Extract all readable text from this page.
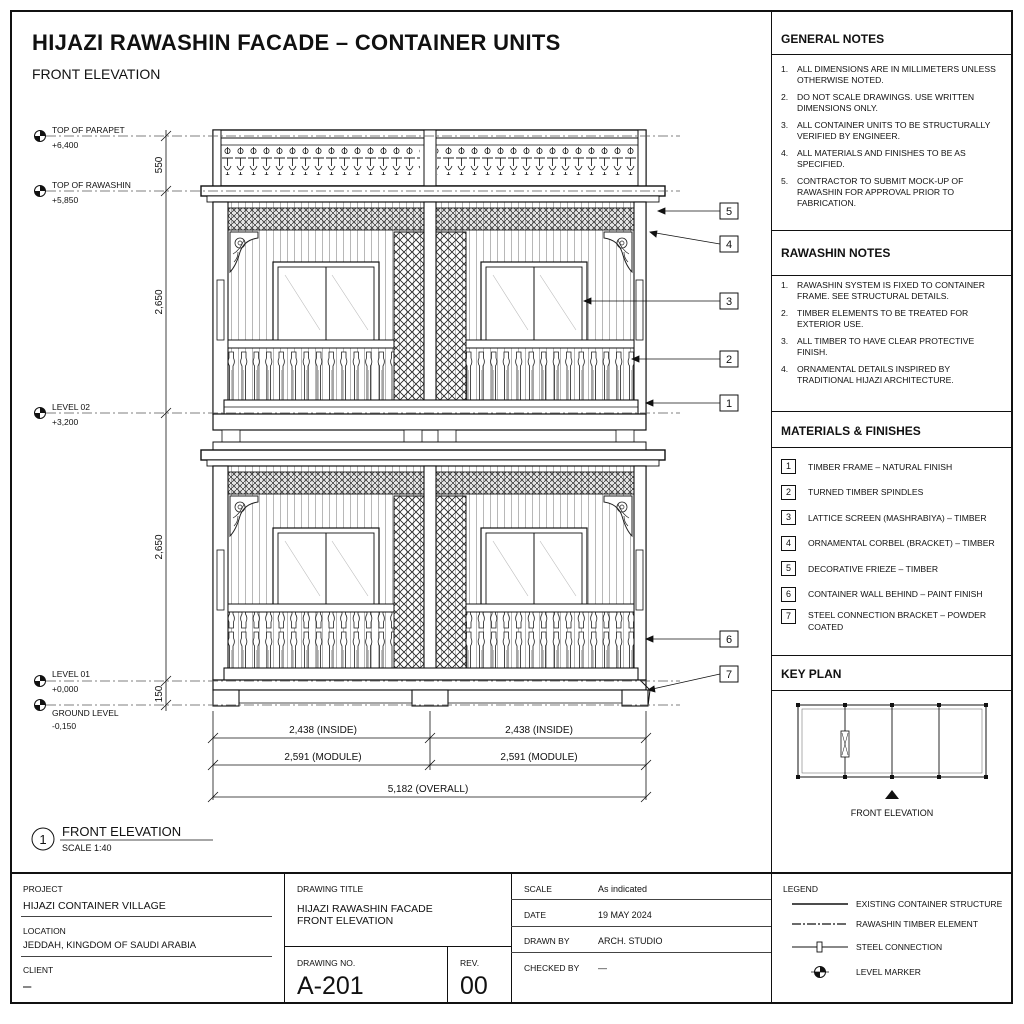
HIJAZI RAWASHIN FACADE – CONTAINER UNITS
FRONT ELEVATION
TOP OF PARAPET
+6,400
TOP OF RAWASHIN
+5,850
LEVEL 02
+3,200
LEVEL 01
+0,000
GROUND LEVEL
-0,150
550
2,650
2,650
150
2,438 (INSIDE)	2,438 (INSIDE)
2,591 (MODULE)	2,591 (MODULE)
5,182 (OVERALL)
5
4
3
2
1
6
7
1
FRONT ELEVATION
SCALE 1:40
GENERAL NOTES
1.	ALL DIMENSIONS ARE IN MILLIMETERS UNLESS OTHERWISE NOTED.
2.	DO NOT SCALE DRAWINGS. USE WRITTEN DIMENSIONS ONLY.
3.	ALL CONTAINER UNITS TO BE STRUCTURALLY VERIFIED BY ENGINEER.
4.	ALL MATERIALS AND FINISHES TO BE AS SPECIFIED.
5.	CONTRACTOR TO SUBMIT MOCK-UP OF RAWASHIN FOR APPROVAL PRIOR TO FABRICATION.
RAWASHIN NOTES
1.	RAWASHIN SYSTEM IS FIXED TO CONTAINER FRAME. SEE STRUCTURAL DETAILS.
2.	TIMBER ELEMENTS TO BE TREATED FOR EXTERIOR USE.
3.	ALL TIMBER TO HAVE CLEAR PROTECTIVE FINISH.
4.	ORNAMENTAL DETAILS INSPIRED BY TRADITIONAL HIJAZI ARCHITECTURE.
MATERIALS & FINISHES
1	TIMBER FRAME – NATURAL FINISH
2	TURNED TIMBER SPINDLES
3	LATTICE SCREEN (MASHRABIYA) – TIMBER
4	ORNAMENTAL CORBEL (BRACKET) – TIMBER
5	DECORATIVE FRIEZE – TIMBER
6	CONTAINER WALL BEHIND – PAINT FINISH
7	STEEL CONNECTION BRACKET – POWDER COATED
KEY PLAN
FRONT ELEVATION
PROJECT
HIJAZI CONTAINER VILLAGE
LOCATION
JEDDAH, KINGDOM OF SAUDI ARABIA
CLIENT
–
DRAWING TITLE
HIJAZI RAWASHIN FACADE
FRONT ELEVATION
DRAWING NO.
A-201
REV.
00
SCALE	As indicated
DATE	19 MAY 2024
DRAWN BY	ARCH. STUDIO
CHECKED BY —
LEGEND
EXISTING CONTAINER STRUCTURE
RAWASHIN TIMBER ELEMENT
STEEL CONNECTION
LEVEL MARKER
